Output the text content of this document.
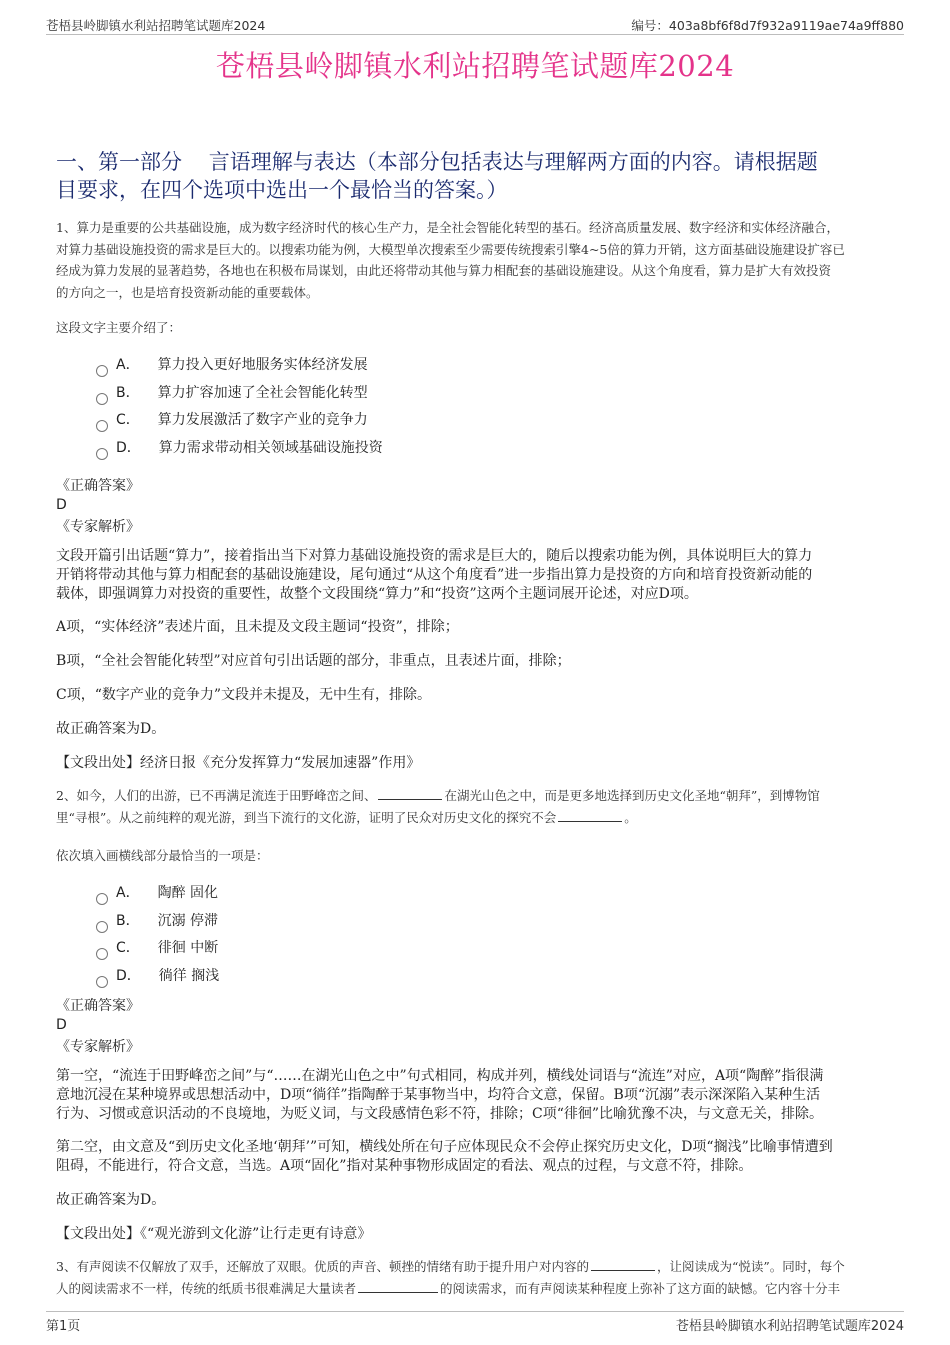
苍梧县岭脚镇水利站招聘笔试题库2024	编号：403a8bf6f8d7f932a9119ae74a9ff880
苍梧县岭脚镇水利站招聘笔试题库2024
一、第一部分    言语理解与表达（本部分包括表达与理解两方面的内容。请根据题
目要求，在四个选项中选出一个最恰当的答案。）

1、算力是重要的公共基础设施，成为数字经济时代的核心生产力，是全社会智能化转型的基石。经济高质量发展、数字经济和实体经济融合，
对算力基础设施投资的需求是巨大的。以搜索功能为例，大模型单次搜索至少需要传统搜索引擎4~5倍的算力开销，这方面基础设施建设扩容已
经成为算力发展的显著趋势，各地也在积极布局谋划，由此还将带动其他与算力相配套的基础设施建设。从这个角度看，算力是扩大有效投资
的方向之一，也是培育投资新动能的重要载体。

这段文字主要介绍了：

A． 算力投入更好地服务实体经济发展
B． 算力扩容加速了全社会智能化转型
C． 算力发展激活了数字产业的竞争力
D． 算力需求带动相关领域基础设施投资

《正确答案》

D

《专家解析》

文段开篇引出话题“算力”，接着指出当下对算力基础设施投资的需求是巨大的，随后以搜索功能为例，具体说明巨大的算力
开销将带动其他与算力相配套的基础设施建设，尾句通过“从这个角度看”进一步指出算力是投资的方向和培育投资新动能的
载体，即强调算力对投资的重要性，故整个文段围绕“算力”和“投资”这两个主题词展开论述，对应D项。

A项，“实体经济”表述片面，且未提及文段主题词“投资”，排除；

B项，“全社会智能化转型”对应首句引出话题的部分，非重点，且表述片面，排除；

C项，“数字产业的竞争力”文段并未提及，无中生有，排除。

故正确答案为D。

【文段出处】经济日报《充分发挥算力“发展加速器”作用》

2、如今，人们的出游，已不再满足流连于田野峰峦之间、	在湖光山色之中，而是更多地选择到历史文化圣地“朝拜”，到博物馆
里“寻根”。从之前纯粹的观光游，到当下流行的文化游，证明了民众对历史文化的探究不会	。

依次填入画横线部分最恰当的一项是：

A． 陶醉 固化
B． 沉溺 停滞
C． 徘徊 中断
D． 徜徉 搁浅

《正确答案》

D

《专家解析》

第一空，“流连于田野峰峦之间”与“……在湖光山色之中”句式相同，构成并列，横线处词语与“流连”对应，A项“陶醉”指很满
意地沉浸在某种境界或思想活动中，D项“徜徉”指陶醉于某事物当中，均符合文意，保留。B项“沉溺”表示深深陷入某种生活
行为、习惯或意识活动的不良境地，为贬义词，与文段感情色彩不符，排除；C项“徘徊”比喻犹豫不决，与文意无关，排除。

第二空，由文意及“到历史文化圣地‘朝拜’”可知，横线处所在句子应体现民众不会停止探究历史文化，D项“搁浅”比喻事情遭到
阻碍，不能进行，符合文意，当选。A项“固化”指对某种事物形成固定的看法、观点的过程，与文意不符，排除。

故正确答案为D。

【文段出处】《“观光游到文化游”让行走更有诗意》

3、有声阅读不仅解放了双手，还解放了双眼。优质的声音、顿挫的情绪有助于提升用户对内容的	，让阅读成为“悦读”。同时，每个
人的阅读需求不一样，传统的纸质书很难满足大量读者	的阅读需求，而有声阅读某种程度上弥补了这方面的缺憾。它内容十分丰

第1页	苍梧县岭脚镇水利站招聘笔试题库2024
